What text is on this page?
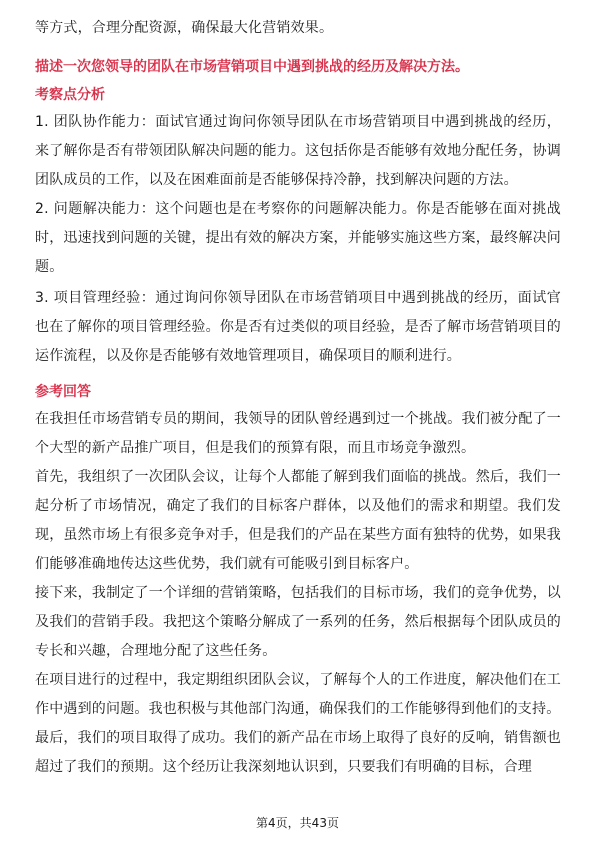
等方式，合理分配资源，确保最大化营销效果。

描述一次您领导的团队在市场营销项目中遇到挑战的经历及解决方法。
考察点分析

1. 团队协作能力：面试官通过询问你领导团队在市场营销项目中遇到挑战的经历，来了解你是否有带领团队解决问题的能力。这包括你是否能够有效地分配任务，协调团队成员的工作，以及在困难面前是否能够保持冷静，找到解决问题的方法。

2. 问题解决能力：这个问题也是在考察你的问题解决能力。你是否能够在面对挑战时，迅速找到问题的关键，提出有效的解决方案，并能够实施这些方案，最终解决问题。

3. 项目管理经验：通过询问你领导团队在市场营销项目中遇到挑战的经历，面试官也在了解你的项目管理经验。你是否有过类似的项目经验，是否了解市场营销项目的运作流程，以及你是否能够有效地管理项目，确保项目的顺利进行。

参考回答

在我担任市场营销专员的期间，我领导的团队曾经遇到过一个挑战。我们被分配了一个大型的新产品推广项目，但是我们的预算有限，而且市场竞争激烈。

首先，我组织了一次团队会议，让每个人都能了解到我们面临的挑战。然后，我们一起分析了市场情况，确定了我们的目标客户群体，以及他们的需求和期望。我们发现，虽然市场上有很多竞争对手，但是我们的产品在某些方面有独特的优势，如果我们能够准确地传达这些优势，我们就有可能吸引到目标客户。

接下来，我制定了一个详细的营销策略，包括我们的目标市场，我们的竞争优势，以及我们的营销手段。我把这个策略分解成了一系列的任务，然后根据每个团队成员的专长和兴趣，合理地分配了这些任务。

在项目进行的过程中，我定期组织团队会议，了解每个人的工作进度，解决他们在工作中遇到的问题。我也积极与其他部门沟通，确保我们的工作能够得到他们的支持。

最后，我们的项目取得了成功。我们的新产品在市场上取得了良好的反响，销售额也超过了我们的预期。这个经历让我深刻地认识到，只要我们有明确的目标，合理

第4页，共43页
